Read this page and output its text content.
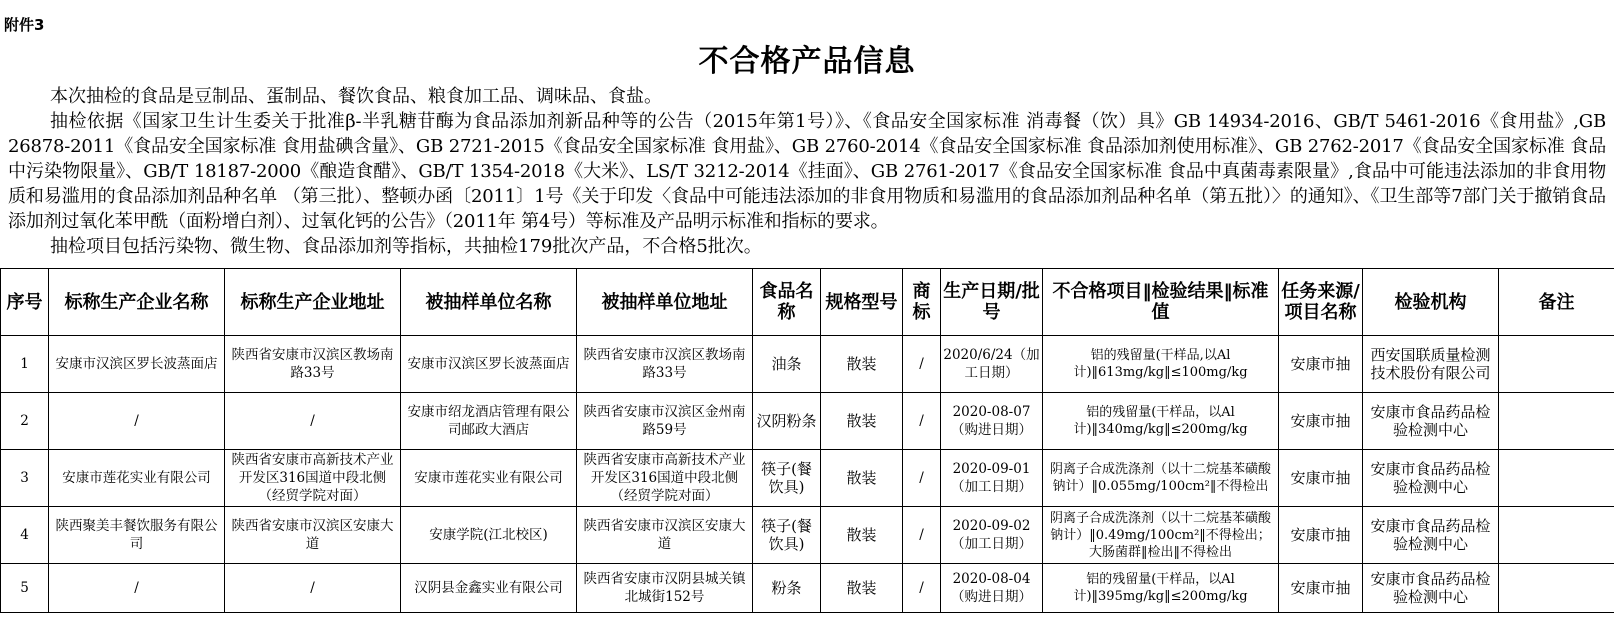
附件3
不合格产品信息

本次抽检的食品是豆制品、蛋制品、餐饮食品、粮食加工品、调味品、食盐。

抽检依据《国家卫生计生委关于批准β-半乳糖苷酶为食品添加剂新品种等的公告（2015年第1号）》、《食品安全国家标准 消毒餐（饮）具》GB 14934-2016、GB/T 5461-2016《食用盐》,GB 26878-2011《食品安全国家标准 食用盐碘含量》、GB 2721-2015《食品安全国家标准 食用盐》、GB 2760-2014《食品安全国家标准 食品添加剂使用标准》、GB 2762-2017《食品安全国家标准 食品中污染物限量》、GB/T 18187-2000《酿造食醋》、GB/T 1354-2018《大米》、LS/T 3212-2014《挂面》、GB 2761-2017《食品安全国家标准 食品中真菌毒素限量》,食品中可能违法添加的非食用物质和易滥用的食品添加剂品种名单 （第三批）、整顿办函〔2011〕1号《关于印发〈食品中可能违法添加的非食用物质和易滥用的食品添加剂品种名单（第五批）〉的通知》、《卫生部等7部门关于撤销食品添加剂过氧化苯甲酰（面粉增白剂）、过氧化钙的公告》（2011年 第4号）等标准及产品明示标准和指标的要求。

抽检项目包括污染物、微生物、食品添加剂等指标，共抽检179批次产品，不合格5批次。

序号	标称生产企业名称	标称生产企业地址	被抽样单位名称	被抽样单位地址	食品名称	规格型号	商标	生产日期/批号	不合格项目‖检验结果‖标准值	任务来源/项目名称	检验机构	备注
1	安康市汉滨区罗长波蒸面店	陕西省安康市汉滨区教场南路33号	安康市汉滨区罗长波蒸面店	陕西省安康市汉滨区教场南路33号	油条	散装	/	2020/6/24（加工日期）	铝的残留量(干样品,以Al计)‖613mg/kg‖≤100mg/kg	安康市抽	西安国联质量检测技术股份有限公司	
2	/	/	安康市绍龙酒店管理有限公司邮政大酒店	陕西省安康市汉滨区金州南路59号	汉阴粉条	散装	/	2020-08-07（购进日期）	铝的残留量(干样品，以Al计)‖340mg/kg‖≤200mg/kg	安康市抽	安康市食品药品检验检测中心	
3	安康市莲花实业有限公司	陕西省安康市高新技术产业开发区316国道中段北侧（经贸学院对面）	安康市莲花实业有限公司	陕西省安康市高新技术产业开发区316国道中段北侧（经贸学院对面）	筷子(餐饮具)	散装	/	2020-09-01（加工日期）	阴离子合成洗涤剂（以十二烷基苯磺酸钠计）‖0.055mg/100cm²‖不得检出	安康市抽	安康市食品药品检验检测中心	
4	陕西聚美丰餐饮服务有限公司	陕西省安康市汉滨区安康大道	安康学院(江北校区)	陕西省安康市汉滨区安康大道	筷子(餐饮具)	散装	/	2020-09-02（加工日期）	阴离子合成洗涤剂（以十二烷基苯磺酸钠计）‖0.49mg/100cm²‖不得检出；大肠菌群‖检出‖不得检出	安康市抽	安康市食品药品检验检测中心	
5	/	/	汉阴县金鑫实业有限公司	陕西省安康市汉阴县城关镇北城街152号	粉条	散装	/	2020-08-04（购进日期）	铝的残留量(干样品，以Al计)‖395mg/kg‖≤200mg/kg	安康市抽	安康市食品药品检验检测中心	
